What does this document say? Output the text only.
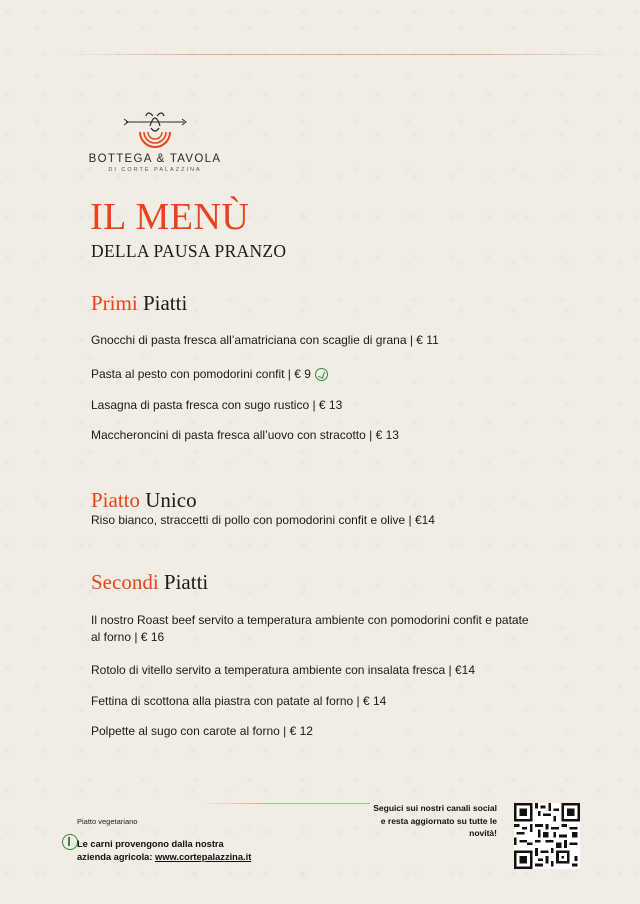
BOTTEGA & TAVOLA
DI CORTE PALAZZINA
IL MENÙ
DELLA PAUSA PRANZO
Primi Piatti
Gnocchi di pasta fresca all’amatriciana con scaglie di grana | € 11
Pasta al pesto con pomodorini confit | € 9
Lasagna di pasta fresca con sugo rustico | € 13
Maccheroncini di pasta fresca all’uovo con stracotto | € 13
Piatto Unico
Riso bianco, straccetti di pollo con pomodorini confit e olive | €14
Secondi Piatti
Il nostro Roast beef servito a temperatura ambiente con pomodorini confit e patate al forno | € 16
Rotolo di vitello servito a temperatura ambiente con insalata fresca | €14
Fettina di scottona alla piastra con patate al forno | € 14
Polpette al sugo con carote al forno | € 12
Piatto vegetariano
Le carni provengono dalla nostra
azienda agricola: www.cortepalazzina.it
Seguici sui nostri canali social
e resta aggiornato su tutte le
novità!
